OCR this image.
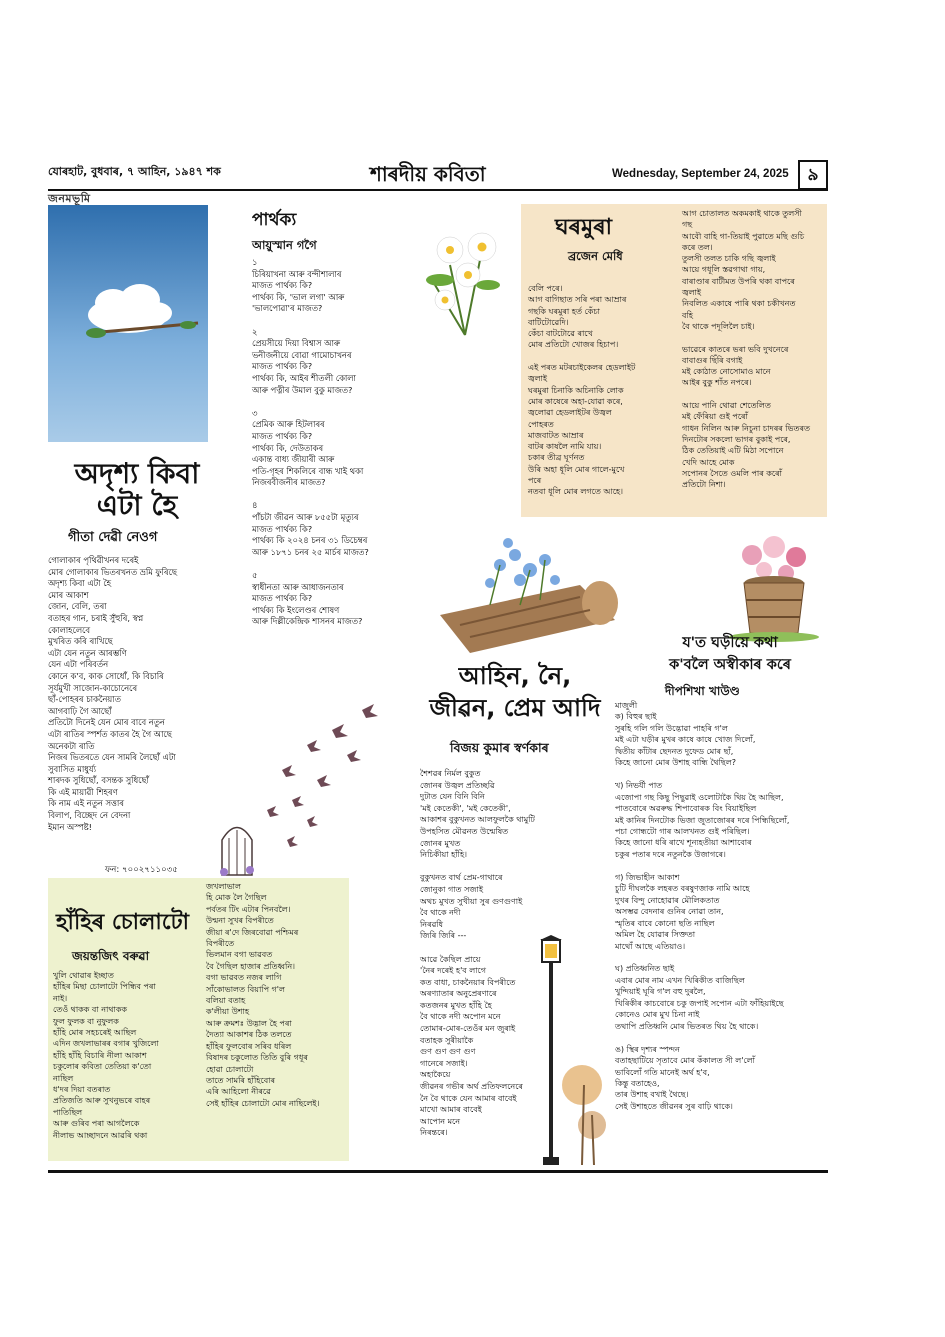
যোৰহাট, বুধবাৰ, ৭ আহিন, ১৯৪৭ শক	শাৰদীয় কবিতা	Wednesday, September 24, 2025	৯
জনমভূমি
অদৃশ্য কিবা
এটা হৈ
গীতা দেৱী নেওগ
গোলাকাৰ পৃথিৱীখনৰ দৰেই
মোৰ গোলাকাৰ ভিতৰখনত ভ্ৰমি ফুৰিছে
অদৃশ্য কিবা এটা হৈ
মোৰ আকাশ
জোন, বেলি, তৰা
বতাহৰ গান, চৰাই সুঁহুৰি, স্বপ্ন
কোলাহলেবে
মুখৰিত কৰি ৰাখিছে
এটা যেন নতুন আৰম্ভণি
যেন এটা পৰিবৰ্তন
কোনে ক'ব, কাক সোধোঁ, কি বিচাৰি
সূৰ্যমুখী সাজোন-কাচোনেৰে
ছাঁ-পোহৰৰ চাকনৈয়াত
আগবাঢ়ি গৈ আছোঁ
প্ৰতিটো দিনেই যেন মোৰ বাবে নতুন
এটা ৰাতিৰ স্পৰ্শত কাতৰ হৈ গৈ আছে
অনেকটা ৰাতি
নিজৰ ভিতৰতে যেন সামৰি লৈছোঁ এটা
সুবাসিত মাধুৰ্য্য
শাৰদক সুধিছোঁ, বসন্তক সুধিছোঁ
কি এই মায়াৱী শিহৰণ
কি নাম এই নতুন সত্তাৰ
বিলাপ, বিচ্ছেদ নে বেদনা
ইমান অস্পষ্ট!
ফন: ৭০০২৭১১০৩৫
পাৰ্থক্য
আয়ুস্মান গগৈ
১
চিৰিয়াখনা আৰু বন্দীশালাৰ
মাজত পাৰ্থক্য কি?
পাৰ্থক্য কি, 'ভাল লগা' আৰু
'ভালপোৱা'ৰ মাজত?

২
প্ৰেয়সীয়ে দিয়া বিশ্বাস আৰু
ভনীজনীয়ে বোৱা গামোচাখনৰ
মাজত পাৰ্থক্য কি?
পাৰ্থক্য কি, আইৰ শীতলী কোলা
আৰু পত্নীৰ উমাল বুকু মাজত?

৩
প্ৰেমিক আৰু হিটলাৰৰ
মাজত পাৰ্থক্য কি?
পাৰ্থক্য কি, দেউতাকৰ
একান্ত বাধ্য জীয়াৰী আৰু
পতি-গৃহৰ শিকলিৰে বান্ধ খাই থকা
নিজৰবীজনীৰ মাজত?

৪
পাঁচটা জীৱন আৰু ৮৫৫টা মৃত্যুৰ
মাজত পাৰ্থক্য কি?
পাৰ্থক্য কি ২০২৪ চনৰ ৩১ ডিচেম্বৰ
আৰু ১৮৭১ চনৰ ২৫ মাৰ্চৰ মাজত?

৫
স্বাধীনতা আৰু আধাজনতাৰ
মাজত পাৰ্থক্য কি?
পাৰ্থক্য কি ইংলেণ্ডৰ শোষণ
আৰু দিল্লীকেন্দ্ৰিক শাসনৰ মাজত?
ঘৰমুৰা
ব্ৰজেন মেধি
বেলি পৰে।
আগ বাগিছাত সৰি পৰা আম্ৰাৰ
গছকি ঘৰমুৰা হৰ্ত কেঁচা
বাটিটোৱেদি।
কেঁচা বাটটোৱে ৰাখে
মোৰ প্ৰতিটো খোজৰ হিচাপ।

এই পৰত মটৰচাইকেলৰ হেডলাইট
জ্বলাই
ঘৰমুৰা চিনাকি অচিনাকি লোক
মোৰ কাষেৰে অহা-যোৱা কৰে,
জ্বলোৱা হেডলাইটৰ উজ্বল
পোহৰত
মাজবাটত আম্ৰাৰ
বাটৰ কাষলৈ নামি যায়।
চকাৰ তীব্ৰ ঘূৰ্ণনত
উৰি অহা ধূলি মোৰ গালে-মুখে
পৰে
নতবা ধূলি মোৰ লগতে আহে।
আগ চোতালত অকমকাই থাকে তুলসী
গছ
আবৌ বাহি গা-তিয়াই পুৱাতে মছি গুচি
কৰে তল।
তুলসী তলত চাকি গছি জ্বলাই
আয়ে গধূলি স্তৱগাথা গায়,
বাৰাণ্ডাৰ বাটীমত উপৰি থকা বাপৰে
জ্বলাই
নিবলিত একাষে পাৰি থকা চকীখনত
বহি
বৈ থাকে পদূলিলৈ চাই।

ভাৱেৰে কাতৰে ভৰা ভবি দুখনেৰে
বাবাগুৰ ছিঁৰি বগাই
মই কোঠাত নোসোমাও মানে
আইৰ বুকু শাঁত নপৰে।

আয়ে পানি থোৱা শেতেলিত
মই ফেঁৰিয়া গুই পৰোঁ
গাধন নিলিন আৰু নিচুনা চাদৰৰ ভিতৰত
দিনটোৰ সকলো ভাগৰ বুকাই পৰে,
ঠিক তেতিয়াই এটি মিঠা সপোনে
খেদি আহে মোক
সপোনৰ সৈতে ওমলি পাৰ কৰোঁ
প্ৰতিটো নিশা।
আহিন, নৈ,
জীৱন, প্ৰেম আদি
বিজয় কুমাৰ স্বৰ্ণকাৰ
শৈশৱৰ নিৰ্মল বুকুত
জোনৰ উজ্বল প্ৰতিচ্ছৱি
দুটাত যেন বিনি বিনি
'মই কেতেকী', 'মই কেতেকী',
আকাশৰ বুকুখনত আলফুলকৈ থামুটি
উপহসিত মৌৱনত উন্মেষিত
জোনৰ মুখত
নিচিকীয়া হাঁহি।

বুকুখনত বাৰ্থ প্ৰেম-গাথাৰে
জোনুকা গাত সজাই
অথচ মুখত সুখীয়া সুৰ গুণগুণাই
বৈ থাকে নদী
নিৰৱধি
জিৰি জিৰি ---

আৱে কৈছিল প্ৰায়ে
'নৈৰ দৰেই হ'ব লাগে
কত বাধা, চাকনৈয়াৰ বিপৰীতে
অৰণ্যাতাৰ অনুপ্ৰেৰণাৰে
কতজনৰ মুখত হাঁহি হৈ
বৈ থাকে নদী অপোন মনে
তোমাৰ-মোৰ-তেওঁৰ মন জুৰাই
বতাহক সুৰীয়াকৈ
গুণ গুণ গুণ গুণ
গানেৰে সজাই।
অহাকৈয়ে
জীৱনৰ গভীৰ অৰ্থ প্ৰতিফলনেৰে
নৈ বৈ থাকে যেন আমাৰ বাবেই
মাখো আমাৰ বাবেই
আপোন মনে
নিৰন্তৰে।
য'ত ঘড়ীয়ে কথা
ক'বলৈ অস্বীকাৰ কৰে
দীপশিখা খাউণ্ড
মাজুলী
ক) বিহুৰ ছাই
সুৰহি গলি গলি উদ্ভোৱা পাহৰি গ'ল
মই এটা ঘড়ীৰ মুখৰ কাষে কাষে খোজ দিলোঁ,
দ্বিতীয় কাঁটাৰ ছেদনত দুফেড মোৰ ছাঁ,
কিহে জানো মোৰ উশাহ বান্ধি থৈছিল?

খ) নিভৰ্যী পাত
এজোপা গছ কিছু পিছুৱাই ওলোটাকৈ থিয় হৈ আছিল,
পাতবোৰে অৱৰুদ্ধ শিপাবোৰক বিং বিয়াইছিল
মই কানিৰ দিনটোক ভিজা জুতাজোৰৰ দৰে পিন্ধিছিলোঁ,
পচা গোন্ধটো গাৰ আলখনত গুই পৰিছিল।
কিহে জানো ধৰি ৰাখে শূন্যহতীয়া আশাবোৰ
চকুৰ পতাৰ দৰে নতুনকৈ উজাগৰে।

গ) জিভাহীন আকাশ
চুটি দীঘলকৈ লহৰত বৰষুণজাক নামি আহে
দুখৰ বিন্দু নোহোৱাৰ মৌলিকতাত
অসম্ভৱ বেদনাৰ গুনিৰ নোৱা তান,
স্মৃতিৰ বাবে কোনো ছতি নাছিল
অমিল হৈ যোৱাৰ সিক্ততা
মাথোঁ আছে এতিয়াও।

ঘ) প্ৰতিধ্বনিত ছাই
এবাৰ মোৰ নাম এখন খিৰিকীত বাজিছিল
খুন্দিয়াই ঘূৰি গ'ল বহু দুৰলৈ,
খিৰিকীৰ কাচবোৰে চকু জপাই সপোন এটা ফাঁহিয়াইছে
কোনেও মোৰ মুখ চিনা নাই
তথাপি প্ৰতিধ্বনি মোৰ ভিতৰত থিয় হৈ থাকে।

ঙ) স্থিৰ দৃশ্যৰ স্পন্দন
বতাহছাটিয়ে সৃতাবে মোৰ কঁকালত সী ল'লোঁ
ভাবিলোঁ গতি মানেই অৰ্থ হ'ব,
কিন্তু বতাহেও,
তাৰ উশাহ বখাই থৈছে।
সেই উশাহতে জীৱনৰ সুৰ বাঢ়ি থাকে।
হাঁহিৰ চোলাটো
জয়ন্তজিৎ বৰুৱা
খুলি থোৱাৰ ইচ্ছাত
হাঁহিৰ মিছা চোলাটো পিন্ধিব পৰা
নাই।
তেওঁ থাকক বা নাথাকক
ফুল ফুলক বা নুফুলক
হাঁহি মোৰ সহচৰেই আছিল
এদিন জখলাভাৰৰ বগাৰ খুজিলো
হাঁহি হাঁহি বিচাৰি নীলা আকাশ
চকুলোৰ কবিতা তেতিয়া ক'তো
নাছিল
ধ'দৰ দিয়া বতৰাত
প্ৰতিজতি আৰু সুখনুভৰে বাহৰ
পাতিছিল
আৰু গুৰিব পৰা আগলৈকে
নীলাভ আচ্ছাদনে আৱৰি থকা
জখলাভাল
হি মোক লৈ গৈছিল
পৰ্বতৰ টিং এটাৰ পিনবলৈ।
উন্মনা সুখৰ বিপৰীতে
জীয়া ৰ'দে জিৰবোৱা পশ্চিমৰ
বিপৰীতে
ভিলমান বগা ভাৱবত
বৈ গৈছিল হাজাৰ প্ৰতিধ্বনি।
বগা ভাৱবত নজৰ লাগি
সাঁকোভালত বিয়াপি গ'ল
বলিয়া বতাহ
ক'লীয়া উশাহ
আৰু ক্ৰমশঃ উদ্ভাল হৈ পৰা
দৈত্যা আকাশৰ ঠিক তলতে
হাঁহিৰ ফুলবোৰ সৰিব ধৰিল
বিষাদৰ চকুলোত তিতি বুৰি গধূৰ
হোৱা চোলাটো
তাতে সামৰি হাঁহিবোৰ
এৰি আহিলো নীৰৱে
সেই হাঁহিৰ চোলাটো মোৰ নাছিলেই।
